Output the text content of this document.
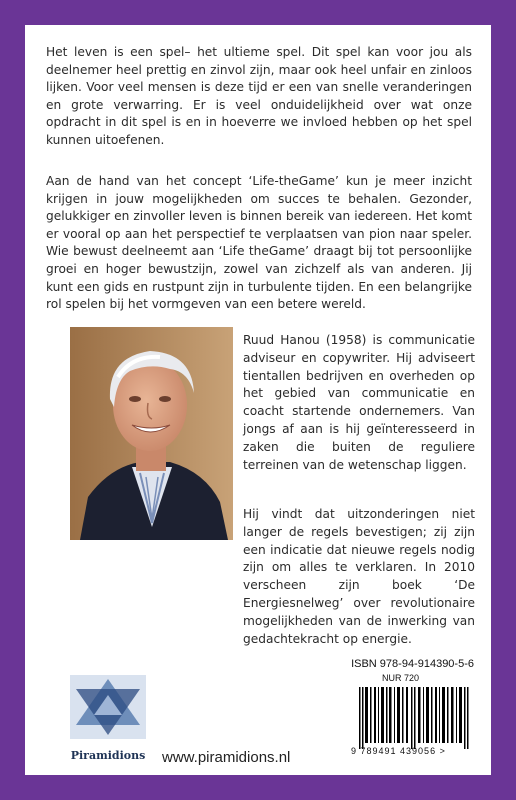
Het leven is een spel– het ultieme spel. Dit spel kan voor jou als deelnemer heel prettig en zinvol zijn, maar ook heel unfair en zinloos lijken. Voor veel mensen is deze tijd er een van snelle veranderingen en grote verwarring. Er is veel onduidelijkheid over wat onze opdracht in dit spel is en in hoeverre we invloed hebben op het spel kunnen uitoefenen.

Aan de hand van het concept ‘Life-theGame’ kun je meer inzicht krijgen in jouw mogelijkheden om succes te behalen. Gezonder, gelukkiger en zinvoller leven is binnen bereik van iedereen. Het komt er vooral op aan het perspectief te verplaatsen van pion naar speler. Wie bewust deelneemt aan ‘Life theGame’ draagt bij tot persoonlijke groei en hoger bewustzijn, zowel van zichzelf als van anderen. Jij kunt een gids en rustpunt zijn in turbulente tijden. En een belangrijke rol spelen bij het vormgeven van een betere wereld.

Ruud Hanou (1958) is communicatie adviseur en copywriter. Hij adviseert tientallen bedrijven en overheden op het gebied van communicatie en coacht startende ondernemers. Van jongs af aan is hij geïnteresseerd in zaken die buiten de reguliere terreinen van de wetenschap liggen.

Hij vindt dat uitzonderingen niet langer de regels bevestigen; zij zijn een indicatie dat nieuwe regels nodig zijn om alles te verklaren. In 2010 verscheen zijn boek ‘De Energiesnelweg’ over revolutionaire mogelijkheden van de inwerking van gedachtekracht op energie.

ISBN 978-94-914390-5-6
NUR 720
9 789491 439056 >
Piramidions www.piramidions.nl
